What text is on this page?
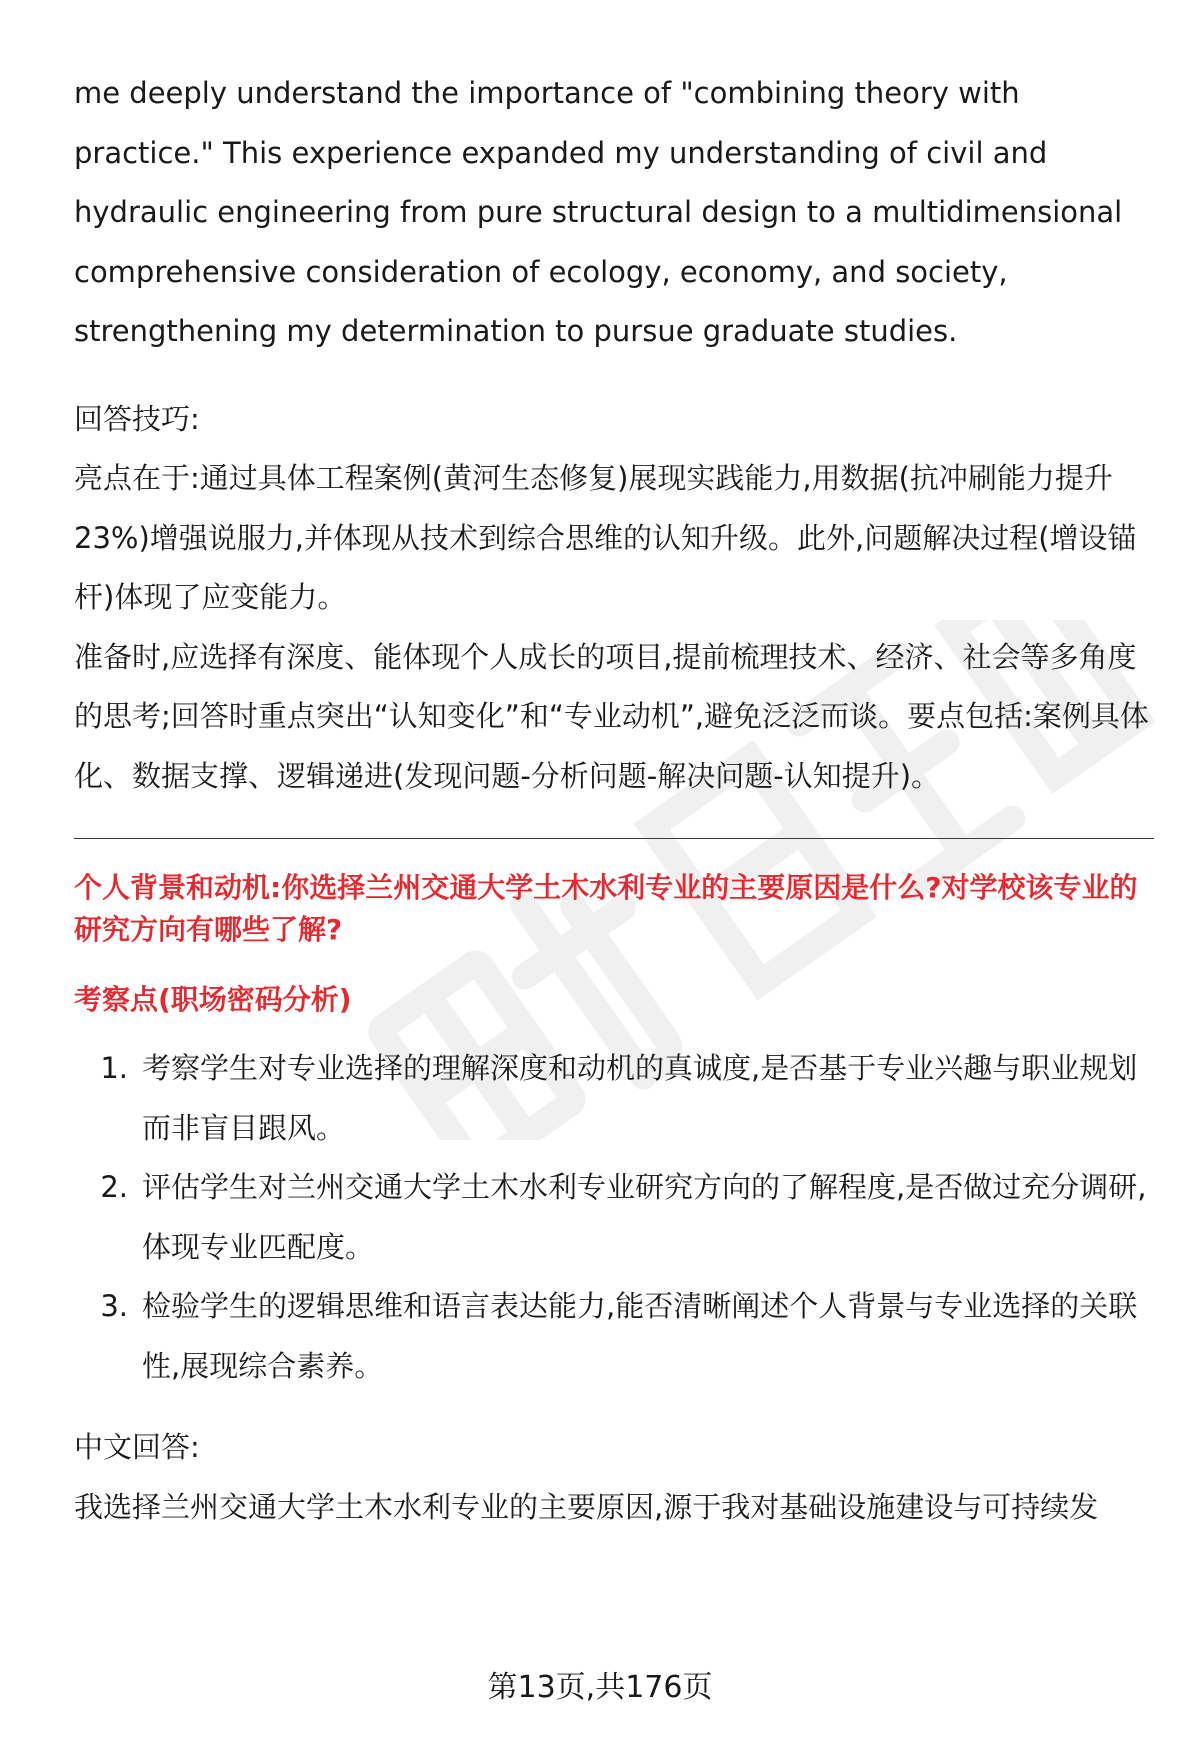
me deeply understand the importance of "combining theory with practice." This experience expanded my understanding of civil and hydraulic engineering from pure structural design to a multidimensional comprehensive consideration of ecology, economy, and society, strengthening my determination to pursue graduate studies.

回答技巧:

亮点在于:通过具体工程案例(黄河生态修复)展现实践能力,用数据(抗冲刷能力提升23%)增强说服力,并体现从技术到综合思维的认知升级。此外,问题解决过程(增设锚杆)体现了应变能力。

准备时,应选择有深度、能体现个人成长的项目,提前梳理技术、经济、社会等多角度的思考;回答时重点突出“认知变化”和“专业动机”,避免泛泛而谈。要点包括:案例具体化、数据支撑、逻辑递进(发现问题-分析问题-解决问题-认知提升)。

个人背景和动机:你选择兰州交通大学土木水利专业的主要原因是什么?对学校该专业的研究方向有哪些了解?

考察点(职场密码分析)

1. 考察学生对专业选择的理解深度和动机的真诚度,是否基于专业兴趣与职业规划而非盲目跟风。
2. 评估学生对兰州交通大学土木水利专业研究方向的了解程度,是否做过充分调研,体现专业匹配度。
3. 检验学生的逻辑思维和语言表达能力,能否清晰阐述个人背景与专业选择的关联性,展现综合素养。

中文回答:

我选择兰州交通大学土木水利专业的主要原因,源于我对基础设施建设与可持续发

第13页,共176页
